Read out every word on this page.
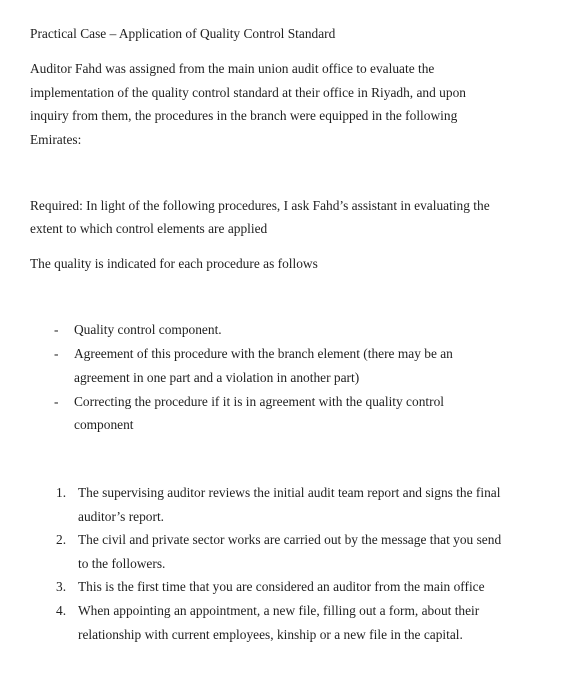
Practical Case – Application of Quality Control Standard
Auditor Fahd was assigned from the main union audit office to evaluate the
implementation of the quality control standard at their office in Riyadh, and upon
inquiry from them, the procedures in the branch were equipped in the following
Emirates:
Required: In light of the following procedures, I ask Fahd’s assistant in evaluating the
extent to which control elements are applied
The quality is indicated for each procedure as follows
- Quality control component.
- Agreement of this procedure with the branch element (there may be an
agreement in one part and a violation in another part)
- Correcting the procedure if it is in agreement with the quality control
component
1. The supervising auditor reviews the initial audit team report and signs the final
auditor’s report.
2. The civil and private sector works are carried out by the message that you send
to the followers.
3. This is the first time that you are considered an auditor from the main office
4. When appointing an appointment, a new file, filling out a form, about their
relationship with current employees, kinship or a new file in the capital.
